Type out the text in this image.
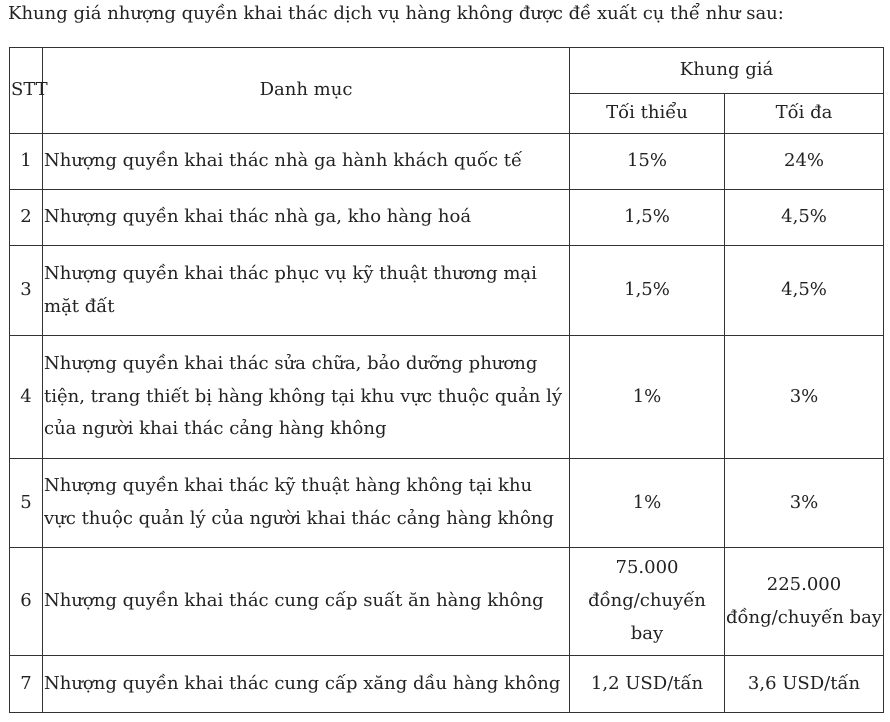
Khung giá nhượng quyền khai thác dịch vụ hàng không được đề xuất cụ thể như sau:

STT	Danh mục	Khung giá	
		Tối thiểu	Tối đa
1	Nhượng quyền khai thác nhà ga hành khách quốc tế	15%	24%
2	Nhượng quyền khai thác nhà ga, kho hàng hoá	1,5%	4,5%
3	Nhượng quyền khai thác phục vụ kỹ thuật thương mại mặt đất	1,5%	4,5%
4	Nhượng quyền khai thác sửa chữa, bảo dưỡng phương tiện, trang thiết bị hàng không tại khu vực thuộc quản lý của người khai thác cảng hàng không	1%	3%
5	Nhượng quyền khai thác kỹ thuật hàng không tại khu vực thuộc quản lý của người khai thác cảng hàng không	1%	3%
6	Nhượng quyền khai thác cung cấp suất ăn hàng không	75.000 đồng/chuyến bay	225.000 đồng/chuyến bay
7	Nhượng quyền khai thác cung cấp xăng dầu hàng không	1,2 USD/tấn	3,6 USD/tấn
